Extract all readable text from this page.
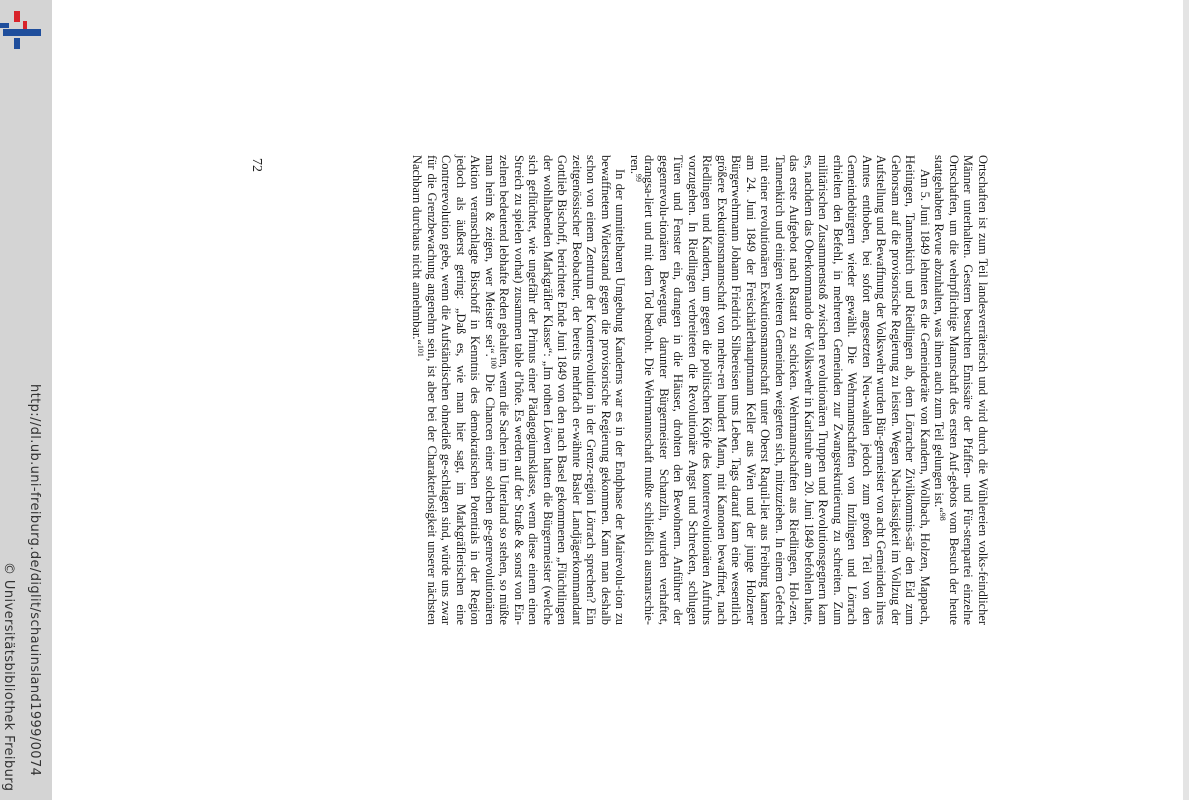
http://dl.ub.uni-freiburg.de/diglit/schauinsland1999/0074
© Universitätsbibliothek Freiburg
72	Ortschaften ist zum Teil landesverräterisch und wird durch die Wühlereien volks-feindlicher Männer unterhalten. Gestern besuchten Emissäre der Pfaffen- und Für-stenpartei einzelne Ortschaften, um die wehrpflichtige Mannschaft des ersten Auf-gebots vom Besuch der heute stattgehabten Revue abzuhalten, was ihnen auch zum Teil gelungen ist.“$^{98}$

Am 5. Juni 1849 lehnten es die Gemeinderäte von Kandern, Wollbach, Holzen, Mappach, Heitingen, Tannenkirch und Riedlingen ab, dem Lörracher Zivilkommis-sär den Eid zum Gehorsam auf die provisorische Regierung zu leisten. Wegen Nach-lässigkeit im Vollzug der Aufstellung und Bewaffnung der Volkswehr wurden Bür-germeister von acht Gemeinden ihres Amtes enthoben, bei sofort angesetzten Neu-wahlen jedoch zum großen Teil von den Gemeindebürgern wieder gewählt. Die Wehrmannschaften von Inzlingen und Lörrach erhielten den Befehl, in mehreren Gemeinden zur Zwangsrekrutierung zu schreiten. Zum militärischen Zusammenstoß zwischen revolutionären Truppen und Revolutionsgegnern kam es, nachdem das Oberkommando der Volkswehr in Karlsruhe am 20. Juni 1849 befohlen hatte, das erste Aufgebot nach Rastatt zu schicken. Wehrmannschaften aus Riedlingen, Hol-zen, Tannenkirch und einigen weiteren Gemeinden weigerten sich, mitzuziehen. In einem Gefecht mit einer revolutionären Exekutionsmannschaft unter Oberst Raquil-liet aus Freiburg kamen am 24. Juni 1849 der Freischärlerhauptmann Keller aus Wien und der junge Holzener Bürgerwehrmann Johann Friedrich Silbereisen ums Leben. Tags darauf kam eine wesentlich größere Exekutionsmannschaft von mehre-ren hundert Mann, mit Kanonen bewaffnet, nach Riedlingen und Kandern, um gegen die politischen Köpfe des konterrevolutionären Aufruhrs vorzugehen. In Riedlingen verbreiteten die Revolutionäre Angst und Schrecken, schlugen Türen und Fenster ein, drangen in die Häuser, drohten den Bewohnern. Anführer der gegenrevolu-tionären Bewegung, darunter Bürgermeister Schanzlin, wurden verhaftet, drangsa-liert und mit dem Tod bedroht. Die Wehrmannschaft mußte schließlich ausmarschie-ren.$^{99}$

In der unmittelbaren Umgebung Kanderns war es in der Endphase der Mairevolu-tion zu bewaffnetem Widerstand gegen die provisorische Regierung gekommen. Kann man deshalb schon von einem Zentrum der Konterrevolution in der Grenz-region Lörrach sprechen? Ein zeitgenössischer Beobachter, der bereits mehrfach er-wähnte Basler Landjägerkommandant Gottlieb Bischoff, berichtete Ende Juni 1849 von den nach Basel gekommenen „Flüchtlingen der wohlhabenden Markgräfler Klasse“: „Im rothen Löwen hatten die Bürgermeister (welche sich geflüchtet, wie ungefähr der Primus einer Pädagogiumsklasse, wenn diese einem einen Streich zu spielen vorhat) zusammen table d’hôte. Es werden auf der Straße & sonst von Ein-zelnen bedeutend lebhafte Reden gehalten, wenn die Sachen im Unterland so stehen, so müßte man heim & zeigen, wer Meister sei“.$^{100}$ Die Chancen einer solchen ge-genrevolutionären Aktion veranschlagte Bischoff in Kenntnis des demokratischen Potentials in der Region jedoch als äußerst gering: „Daß es, wie man hier sagt, im Markgräflerischen eine Contrerevolution gebe, wenn die Aufständischen ohnedieß ge-schlagen sind, würde uns zwar für die Grenzbewachung angenehm sein, ist aber bei der Charakterlosigkeit unserer nächsten Nachbarn durchaus nicht annehmbar.“$^{101}$
